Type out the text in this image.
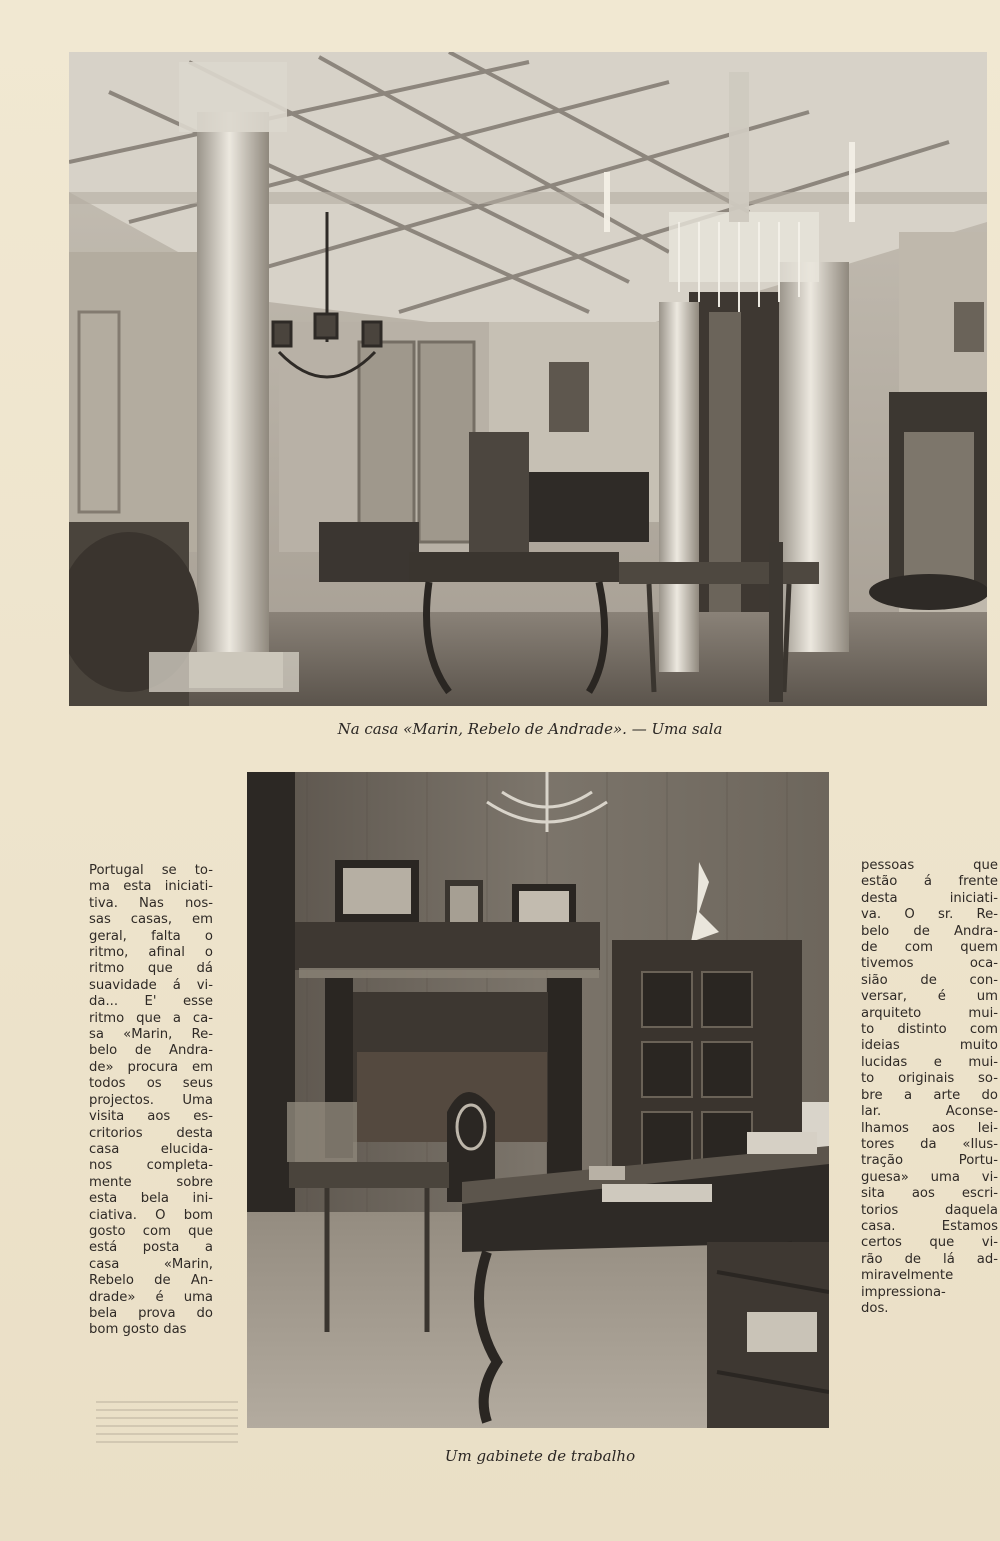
Na casa «Marin, Rebelo de Andrade». — Uma sala
Um gabinete de trabalho
Portugal se to-
ma esta iniciati-
tiva. Nas nos-
sas casas, em
geral, falta o
ritmo, afinal o
ritmo que dá
suavidade á vi-
da... E' esse
ritmo que a ca-
sa «Marin, Re-
belo de Andra-
de» procura em
todos os seus
projectos. Uma
visita aos es-
critorios desta
casa elucida-
nos completa-
mente sobre
esta bela ini-
ciativa. O bom
gosto com que
está posta a
casa «Marin,
Rebelo de An-
drade» é uma
bela prova do
bom gosto das
pessoas que
estão á frente
desta iniciati-
va. O sr. Re-
belo de Andra-
de com quem
tivemos oca-
sião de con-
versar, é um
arquiteto mui-
to distinto com
ideias muito
lucidas e mui-
to originais so-
bre a arte do
lar. Aconse-
lhamos aos lei-
tores da «Ilus-
tração Portu-
guesa» uma vi-
sita aos escri-
torios daquela
casa. Estamos
certos que vi-
rão de lá ad-
miravelmente
impressiona-
dos.
